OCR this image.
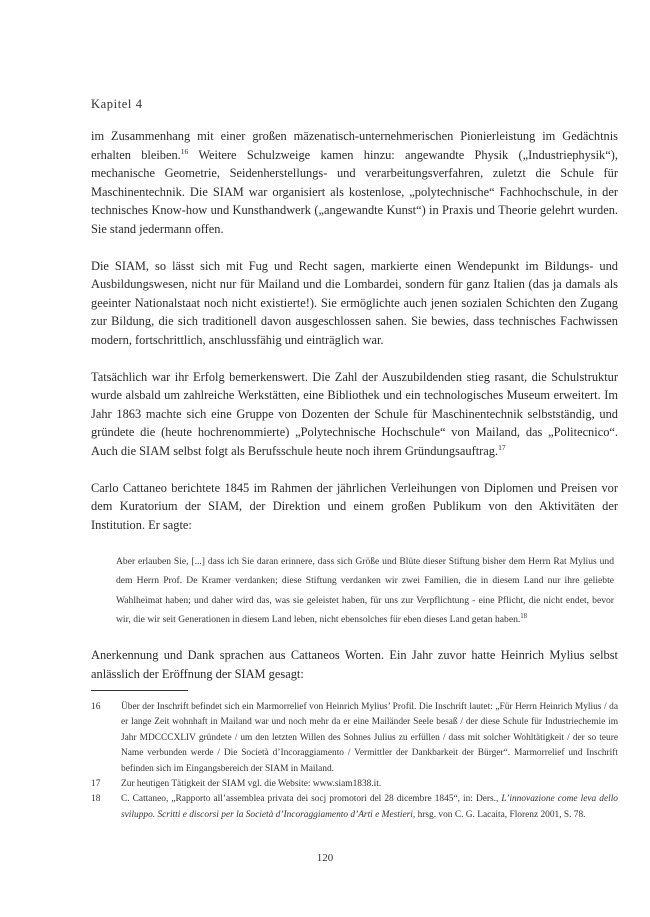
Kapitel 4

im Zusammenhang mit einer großen mäzenatisch-unternehmerischen Pionierleistung im Gedächtnis erhalten bleiben.$^{16}$ Weitere Schulzweige kamen hinzu: angewandte Physik („Industriephysik“), mechanische Geometrie, Seidenherstellungs- und verarbeitungsverfahren, zuletzt die Schule für Maschinentechnik. Die SIAM war organisiert als kostenlose, „polytechnische“ Fachhochschule, in der technisches Know-how und Kunsthandwerk („angewandte Kunst“) in Praxis und Theorie gelehrt wurden. Sie stand jedermann offen.

Die SIAM, so lässt sich mit Fug und Recht sagen, markierte einen Wendepunkt im Bildungs- und Ausbildungswesen, nicht nur für Mailand und die Lombardei, sondern für ganz Italien (das ja damals als geeinter Nationalstaat noch nicht existierte!). Sie ermöglichte auch jenen sozialen Schichten den Zugang zur Bildung, die sich traditionell davon ausgeschlossen sahen. Sie bewies, dass technisches Fachwissen modern, fortschrittlich, anschlussfähig und einträglich war.

Tatsächlich war ihr Erfolg bemerkenswert. Die Zahl der Auszubildenden stieg rasant, die Schulstruktur wurde alsbald um zahlreiche Werkstätten, eine Bibliothek und ein technologisches Museum erweitert. Im Jahr 1863 machte sich eine Gruppe von Dozenten der Schule für Maschinentechnik selbstständig, und gründete die (heute hochrenommierte) „Polytechnische Hochschule“ von Mailand, das „Politecnico“. Auch die SIAM selbst folgt als Berufsschule heute noch ihrem Gründungsauftrag.$^{17}$

Carlo Cattaneo berichtete 1845 im Rahmen der jährlichen Verleihungen von Diplomen und Preisen vor dem Kuratorium der SIAM, der Direktion und einem großen Publikum von den Aktivitäten der Institution. Er sagte:

Aber erlauben Sie, [...] dass ich Sie daran erinnere, dass sich Größe und Blüte dieser Stiftung bisher dem Herrn Rat Mylius und dem Herrn Prof. De Kramer verdanken; diese Stiftung verdanken wir zwei Familien, die in diesem Land nur ihre geliebte Wahlheimat haben; und daher wird das, was sie geleistet haben, für uns zur Verpflichtung - eine Pflicht, die nicht endet, bevor wir, die wir seit Generationen in diesem Land leben, nicht ebensolches für eben dieses Land getan haben.$^{18}$

Anerkennung und Dank sprachen aus Cattaneos Worten. Ein Jahr zuvor hatte Heinrich Mylius selbst anlässlich der Eröffnung der SIAM gesagt:

16	Über der Inschrift befindet sich ein Marmorrelief von Heinrich Mylius’ Profil. Die Inschrift lautet: „Für Herrn Heinrich Mylius / da er lange Zeit wohnhaft in Mailand war und noch mehr da er eine Mailänder Seele besaß / der diese Schule für Industriechemie im Jahr MDCCCXLIV gründete / um den letzten Willen des Sohnes Julius zu erfüllen / dass mit solcher Wohltätigkeit / der so teure Name verbunden werde / Die Società d’Incoraggiamento / Vermittler der Dankbarkeit der Bürger“. Marmorrelief und Inschrift befinden sich im Eingangsbereich der SIAM in Mailand.
17	Zur heutigen Tätigkeit der SIAM vgl. die Website: www.siam1838.it.
18	C. Cattaneo, „Rapporto all’assemblea privata dei socj promotori del 28 dicembre 1845“, in: Ders., L’innovazione come leva dello sviluppo. Scritti e discorsi per la Società d’Incoraggiamento d’Arti e Mestieri, hrsg. von C. G. Lacaita, Florenz 2001, S. 78.
120
